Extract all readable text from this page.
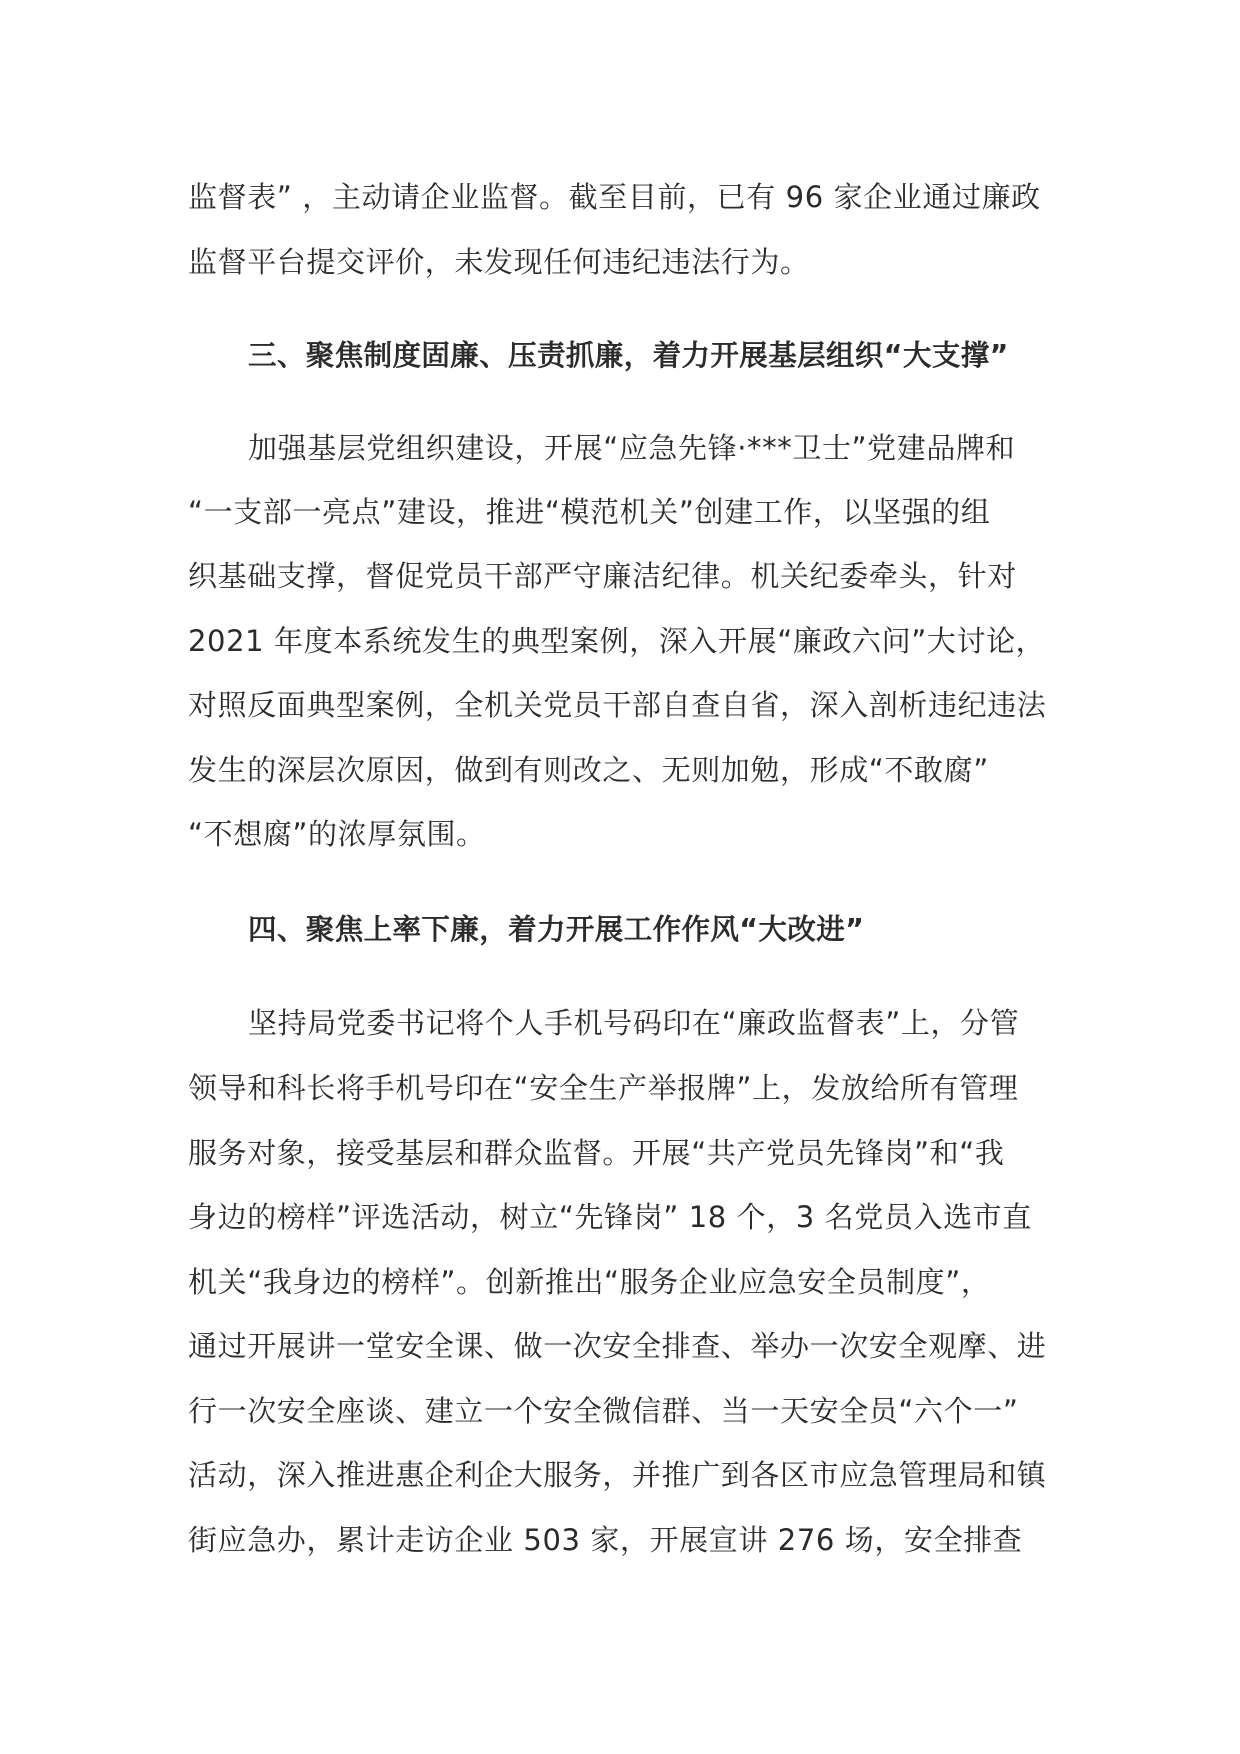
监督表” ，主动请企业监督。截至目前，已有 96 家企业通过廉政
监督平台提交评价，未发现任何违纪违法行为。
三、聚焦制度固廉、压责抓廉，着力开展基层组织“大支撑”
加强基层党组织建设，开展“应急先锋·***卫士”党建品牌和
“一支部一亮点”建设，推进“模范机关”创建工作，以坚强的组
织基础支撑，督促党员干部严守廉洁纪律。机关纪委牵头，针对
2021 年度本系统发生的典型案例，深入开展“廉政六问”大讨论，
对照反面典型案例，全机关党员干部自查自省，深入剖析违纪违法
发生的深层次原因，做到有则改之、无则加勉，形成“不敢腐”
“不想腐”的浓厚氛围。
四、聚焦上率下廉，着力开展工作作风“大改进”
坚持局党委书记将个人手机号码印在“廉政监督表”上，分管
领导和科长将手机号印在“安全生产举报牌”上，发放给所有管理
服务对象，接受基层和群众监督。开展“共产党员先锋岗”和“我
身边的榜样”评选活动，树立“先锋岗” 18 个，3 名党员入选市直
机关“我身边的榜样”。创新推出“服务企业应急安全员制度”，
通过开展讲一堂安全课、做一次安全排查、举办一次安全观摩、进
行一次安全座谈、建立一个安全微信群、当一天安全员“六个一”
活动，深入推进惠企利企大服务，并推广到各区市应急管理局和镇
街应急办，累计走访企业 503 家，开展宣讲 276 场，安全排查
